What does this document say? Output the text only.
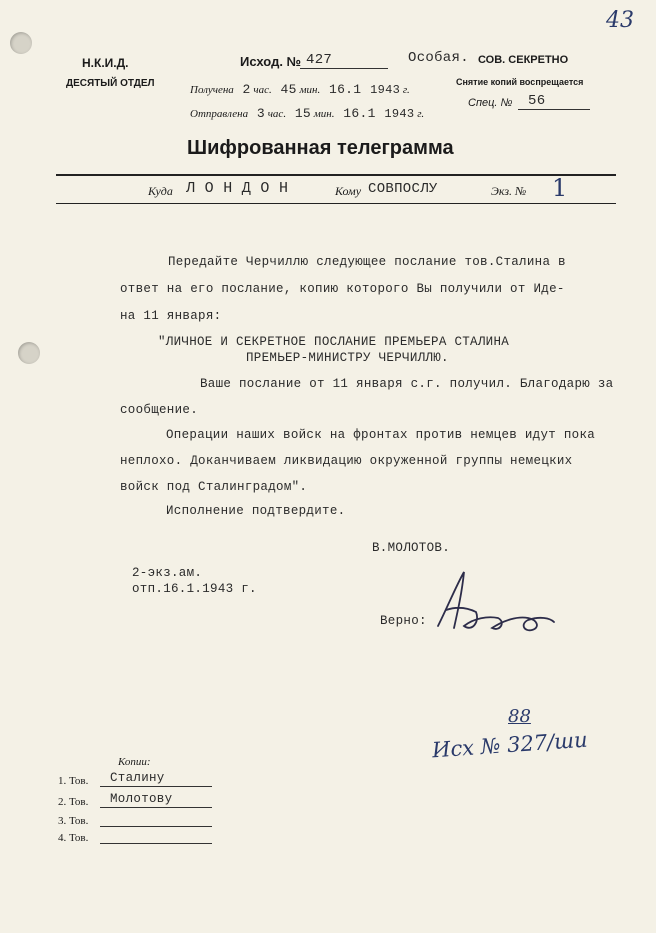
43
Н.К.И.Д.
ДЕСЯТЫЙ ОТДЕЛ
Исход. № 427	Особая. СОВ. СЕКРЕТНО
Снятие копий воспрещается
Получена 2 час. 45 мин. 16.1 1943 г.
Спец. № 56
Отправлена 3 час. 15 мин. 16.1 1943 г.
Шифрованная телеграмма
Куда Л О Н Д О Н	Кому СОВПОСЛУ	Экз. № 1
Передайте Черчиллю следующее послание тов.Сталина в
ответ на его послание, копию которого Вы получили от Иде-
на 11 января:
"ЛИЧНОЕ И СЕКРЕТНОЕ ПОСЛАНИЕ ПРЕМЬЕРА СТАЛИНА
ПРЕМЬЕР-МИНИСТРУ ЧЕРЧИЛЛЮ.
Ваше послание от 11 января с.г. получил. Благодарю за
сообщение.
Операции наших войск на фронтах против немцев идут пока
неплохо. Доканчиваем ликвидацию окруженной группы немецких
войск под Сталинградом".
Исполнение подтвердите.
В.МОЛОТОВ.
2-экз.ам.
отп.16.1.1943 г.
Верно:
88
Исх № 327/ши
Копии:
1. Тов. Сталину
2. Тов. Молотову
3. Тов.
4. Тов.
